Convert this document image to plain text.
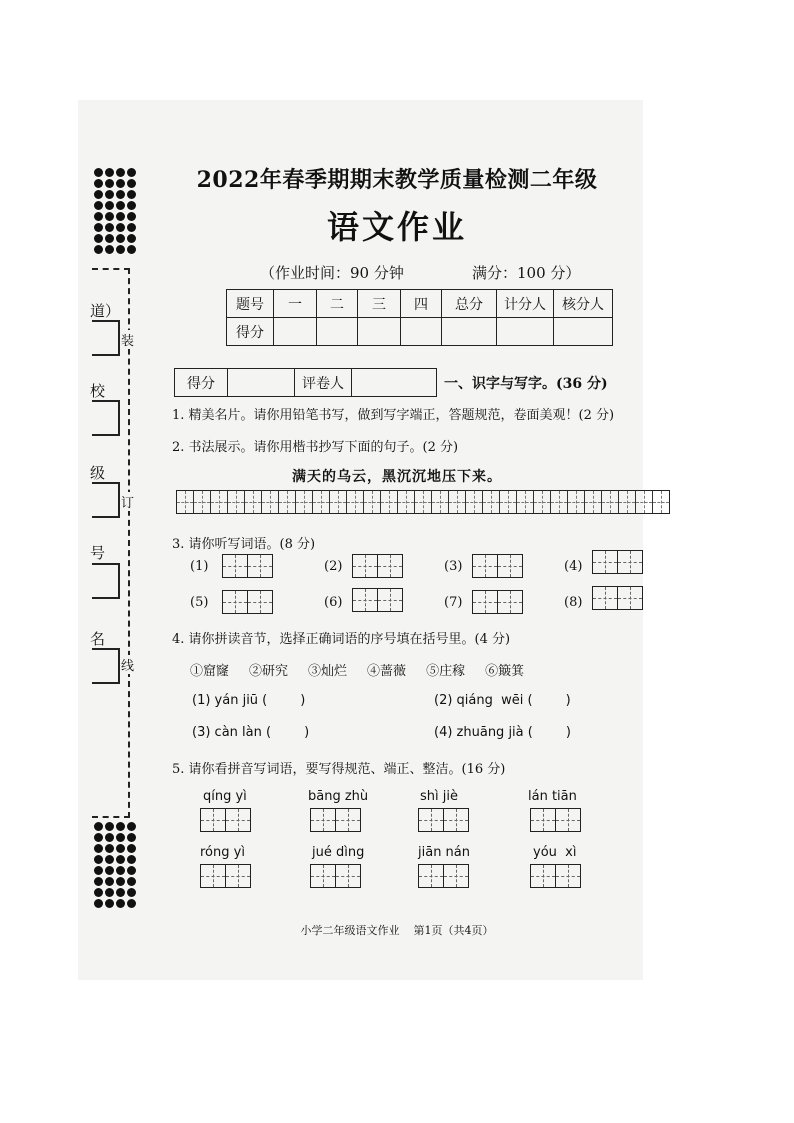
装
订
线
道）
校
级
号
名
2022年春季期期末教学质量检测二年级
语文作业
（作业时间：90 分钟	满分：100 分）
题号	一	二	三	四	总分	计分人	核分人
得分							
得分		评卷人		一、识字与写字。(36 分)
1. 精美名片。请你用铅笔书写，做到写字端正，答题规范，卷面美观！(2 分)
2. 书法展示。请你用楷书抄写下面的句子。(2 分)
满天的乌云，黑沉沉地压下来。
3. 请你听写词语。(8 分)
(1)	(2)	(3)	(4)
(5)	(6)	(7)	(8)
4. 请你拼读音节，选择正确词语的序号填在括号里。(4 分)
①窟窿 ②研究 ③灿烂 ④蔷薇 ⑤庄稼 ⑥簸箕
(1) yán jiū (        )	(2) qiáng  wēi (        )
(3) càn làn (        )	(4) zhuāng jià (        )
5. 请你看拼音写词语，要写得规范、端正、整洁。(16 分)
qíng yì	bāng zhù	shì jiè	lán tiān
róng yì	jué dìng	jiān nán	yóu  xì
小学二年级语文作业    第1页（共4页）
